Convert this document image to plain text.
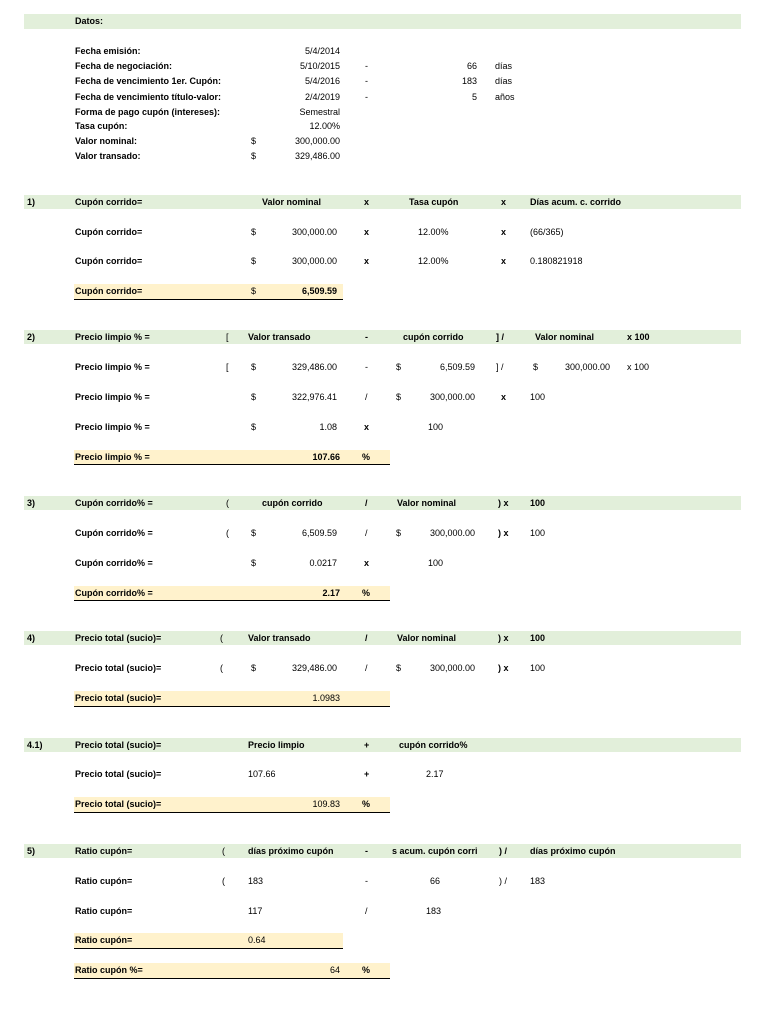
Datos:
Fecha emisión:	5/4/2014
Fecha de negociación:	5/10/2015	-	66 días
Fecha de vencimiento 1er. Cupón:	5/4/2016	-	183 días
Fecha de vencimiento título-valor:	2/4/2019	-	5 años
Forma de pago cupón (intereses):	Semestral
Tasa cupón:	12.00%
Valor nominal:	$	300,000.00
Valor transado:	$	329,486.00
1)	Cupón corrido=	Valor nominal	x	Tasa cupón	x	Días acum. c. corrido
Cupón corrido=	$	300,000.00	x	12.00%	x	(66/365)
Cupón corrido=	$	300,000.00	x	12.00%	x	0.180821918
Cupón corrido=	$	6,509.59
2)	Precio limpio % =	[ Valor transado	-	cupón corrido	] /	Valor nominal	x 100
Precio limpio % =	[ $	329,486.00	-	$	6,509.59 ] /	$	300,000.00 x 100
Precio limpio % =	$	322,976.41	/	$	300,000.00	x	100
Precio limpio % =	$	1.08	x	100
Precio limpio % =	107.66 %
3)	Cupón corrido% =	(	cupón corrido	/	Valor nominal	) x 100
Cupón corrido% =	( $	6,509.59	/	$	300,000.00	) x 100
Cupón corrido% =	$	0.0217	x	100
Cupón corrido% =	2.17 %
4)	Precio total (sucio)=	(	Valor transado	/	Valor nominal	) x 100
Precio total (sucio)=	(	$	329,486.00	/	$	300,000.00	) x 100
Precio total (sucio)=	1.0983
4.1)	Precio total (sucio)=	Precio limpio	+	cupón corrido%
Precio total (sucio)=	107.66	+	2.17
Precio total (sucio)=	109.83 %
5)	Ratio cupón=	(	días próximo cupón	-	s acum. cupón corri ) /	días próximo cupón
Ratio cupón=	(	183	-	66	) /	183
Ratio cupón=	117	/	183
Ratio cupón=	0.64
Ratio cupón %=	64 %
